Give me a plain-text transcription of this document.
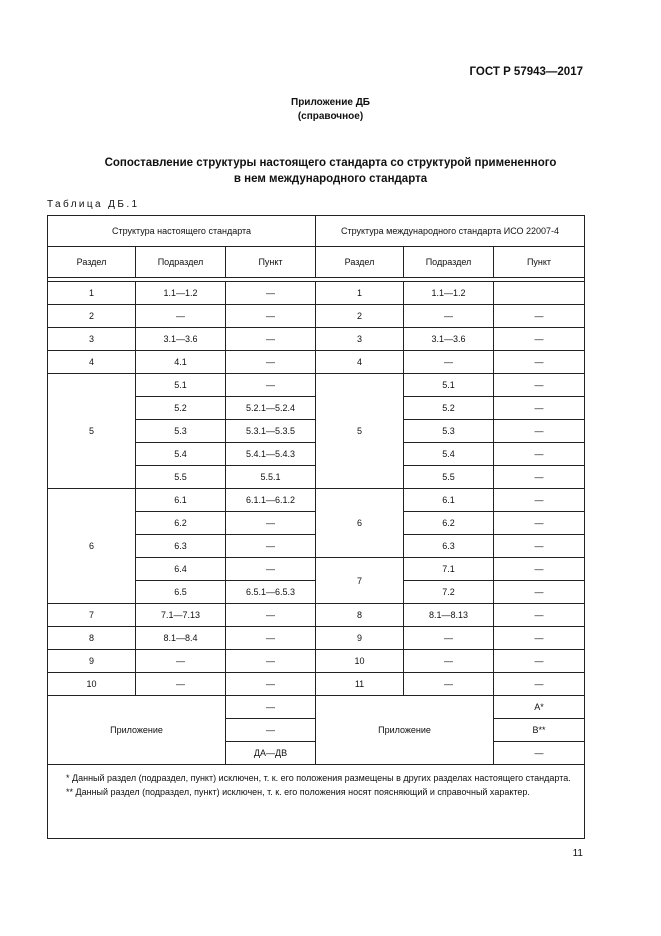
ГОСТ Р 57943—2017
Приложение ДБ
(справочное)
Сопоставление структуры настоящего стандарта со структурой примененного
в нем международного стандарта
Таблица ДБ.1
Структура настоящего стандарта			Структура международного стандарта ИСО 22007-4		
Раздел	Подраздел	Пункт	Раздел	Подраздел	Пункт

1	1.1—1.2	—	1	1.1—1.2	
2	—	—	2	—	—
3	3.1—3.6	—	3	3.1—3.6	—
4	4.1	—	4	—	—
5	5.1	—	5	5.1	—
	5.2	5.2.1—5.2.4		5.2	—
	5.3	5.3.1—5.3.5		5.3	—
	5.4	5.4.1—5.4.3		5.4	—
	5.5	5.5.1		5.5	—
6	6.1	6.1.1—6.1.2	6	6.1	—
	6.2	—		6.2	—
	6.3	—		6.3	—
	6.4	—	7	7.1	—
	6.5	6.5.1—6.5.3		7.2	—
7	7.1—7.13	—	8	8.1—8.13	—
8	8.1—8.4	—	9	—	—
9	—	—	10	—	—
10	—	—	11	—	—
Приложение		—	Приложение		A*
		—			B**
		ДА—ДВ			—

* Данный раздел (подраздел, пункт) исключен, т. к. его положения размещены в других разделах настоящего стандарта.
** Данный раздел (подраздел, пункт) исключен, т. к. его положения носят поясняющий и справочный характер.					
11
